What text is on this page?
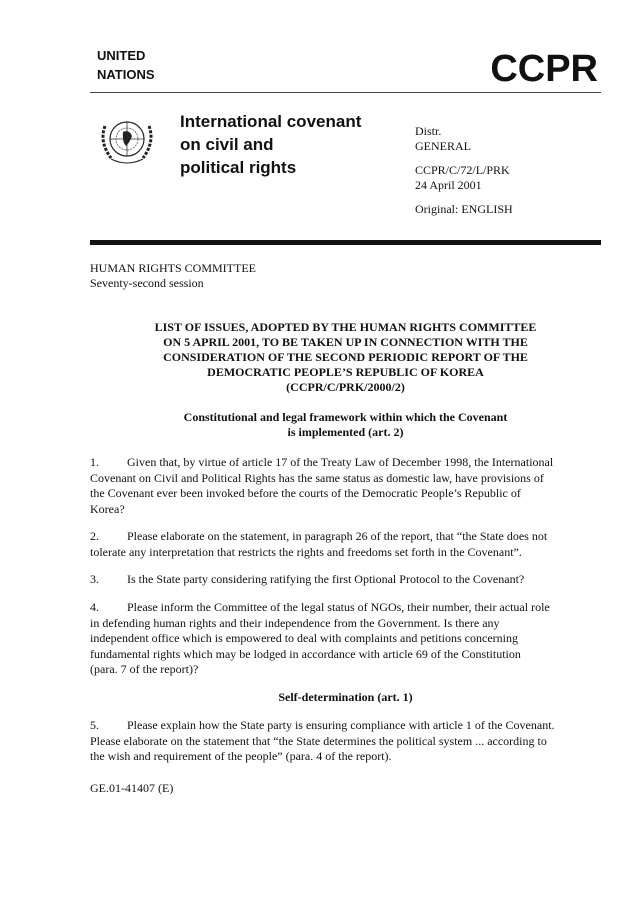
UNITED
NATIONS	CCPR
International covenant
on civil and
political rights

Distr.
GENERAL

CCPR/C/72/L/PRK
24 April 2001

Original: ENGLISH

HUMAN RIGHTS COMMITTEE
Seventy-second session
LIST OF ISSUES, ADOPTED BY THE HUMAN RIGHTS COMMITTEE
ON 5 APRIL 2001, TO BE TAKEN UP IN CONNECTION WITH THE
CONSIDERATION OF THE SECOND PERIODIC REPORT OF THE
DEMOCRATIC PEOPLE’S REPUBLIC OF KOREA
(CCPR/C/PRK/2000/2)
Constitutional and legal framework within which the Covenant
is implemented (art. 2)
1. Given that, by virtue of article 17 of the Treaty Law of December 1998, the International
Covenant on Civil and Political Rights has the same status as domestic law, have provisions of
the Covenant ever been invoked before the courts of the Democratic People’s Republic of
Korea?
2. Please elaborate on the statement, in paragraph 26 of the report, that “the State does not
tolerate any interpretation that restricts the rights and freedoms set forth in the Covenant”.
3. Is the State party considering ratifying the first Optional Protocol to the Covenant?
4. Please inform the Committee of the legal status of NGOs, their number, their actual role
in defending human rights and their independence from the Government. Is there any
independent office which is empowered to deal with complaints and petitions concerning
fundamental rights which may be lodged in accordance with article 69 of the Constitution
(para. 7 of the report)?
Self-determination (art. 1)
5. Please explain how the State party is ensuring compliance with article 1 of the Covenant.
Please elaborate on the statement that “the State determines the political system ... according to
the wish and requirement of the people” (para. 4 of the report).
GE.01-41407 (E)
